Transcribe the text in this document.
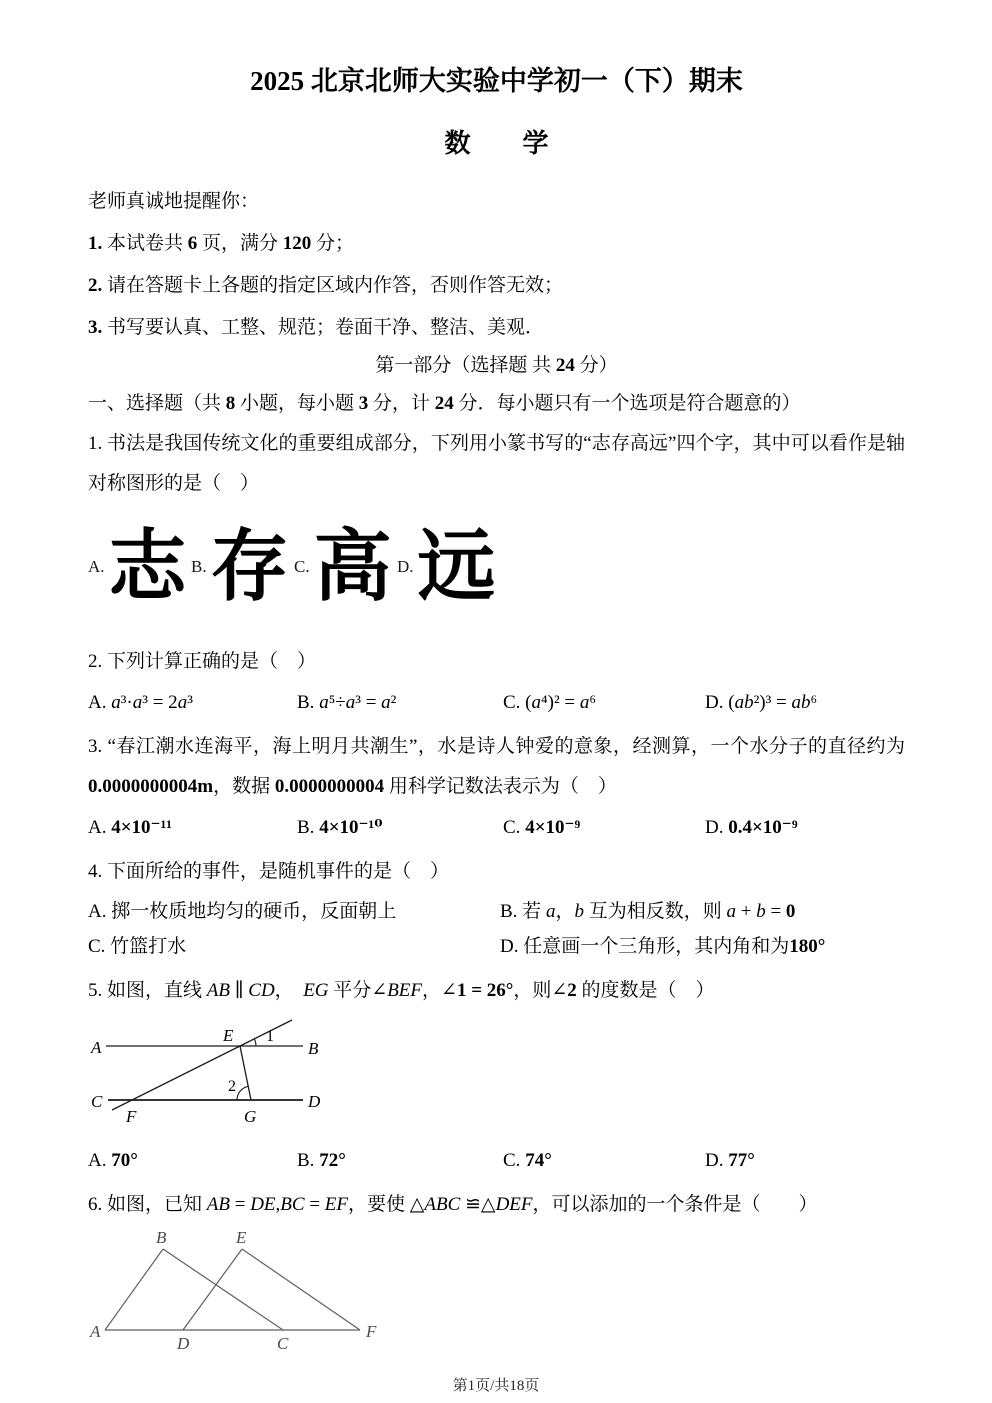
2025 北京北师大实验中学初一（下）期末
数　　学

老师真诚地提醒你：

1. 本试卷共 6 页，满分 120 分；

2. 请在答题卡上各题的指定区域内作答，否则作答无效；

3. 书写要认真、工整、规范；卷面干净、整洁、美观．

第一部分（选择题 共 24 分）

一、选择题（共 8 小题，每小题 3 分，计 24 分．每小题只有一个选项是符合题意的）

1. 书法是我国传统文化的重要组成部分，下列用小篆书写的“志存高远”四个字，其中可以看作是轴对称图形的是（　）

A. 志 B. 存 C. 高 D. 远

2. 下列计算正确的是（　）

A. a³·a³ = 2a³	B. a⁵÷a³ = a²	C. (a⁴)² = a⁶	D. (ab²)³ = ab⁶

3. “春江潮水连海平，海上明月共潮生”，水是诗人钟爱的意象，经测算，一个水分子的直径约为 0.0000000004m，数据 0.0000000004 用科学记数法表示为（　）

A. 4×10⁻¹¹	B. 4×10⁻¹⁰	C. 4×10⁻⁹	D. 0.4×10⁻⁹

4. 下面所给的事件，是随机事件的是（　）

A. 掷一枚质地均匀的硬币，反面朝上	B. 若 a，b 互为相反数，则 a + b = 0
C. 竹篮打水	D. 任意画一个三角形，其内角和为180°

5. 如图，直线 AB ∥ CD， EG 平分∠BEF，∠1 = 26°，则∠2 的度数是（　）

A	B
E 1
C
F
2
G
D
A. 70°	B. 72°	C. 74°	D. 77°

6. 如图，已知 AB = DE,BC = EF，要使 △ABC ≌△DEF，可以添加的一个条件是（　　）

A
B	E
D	C
F
第1页/共18页
